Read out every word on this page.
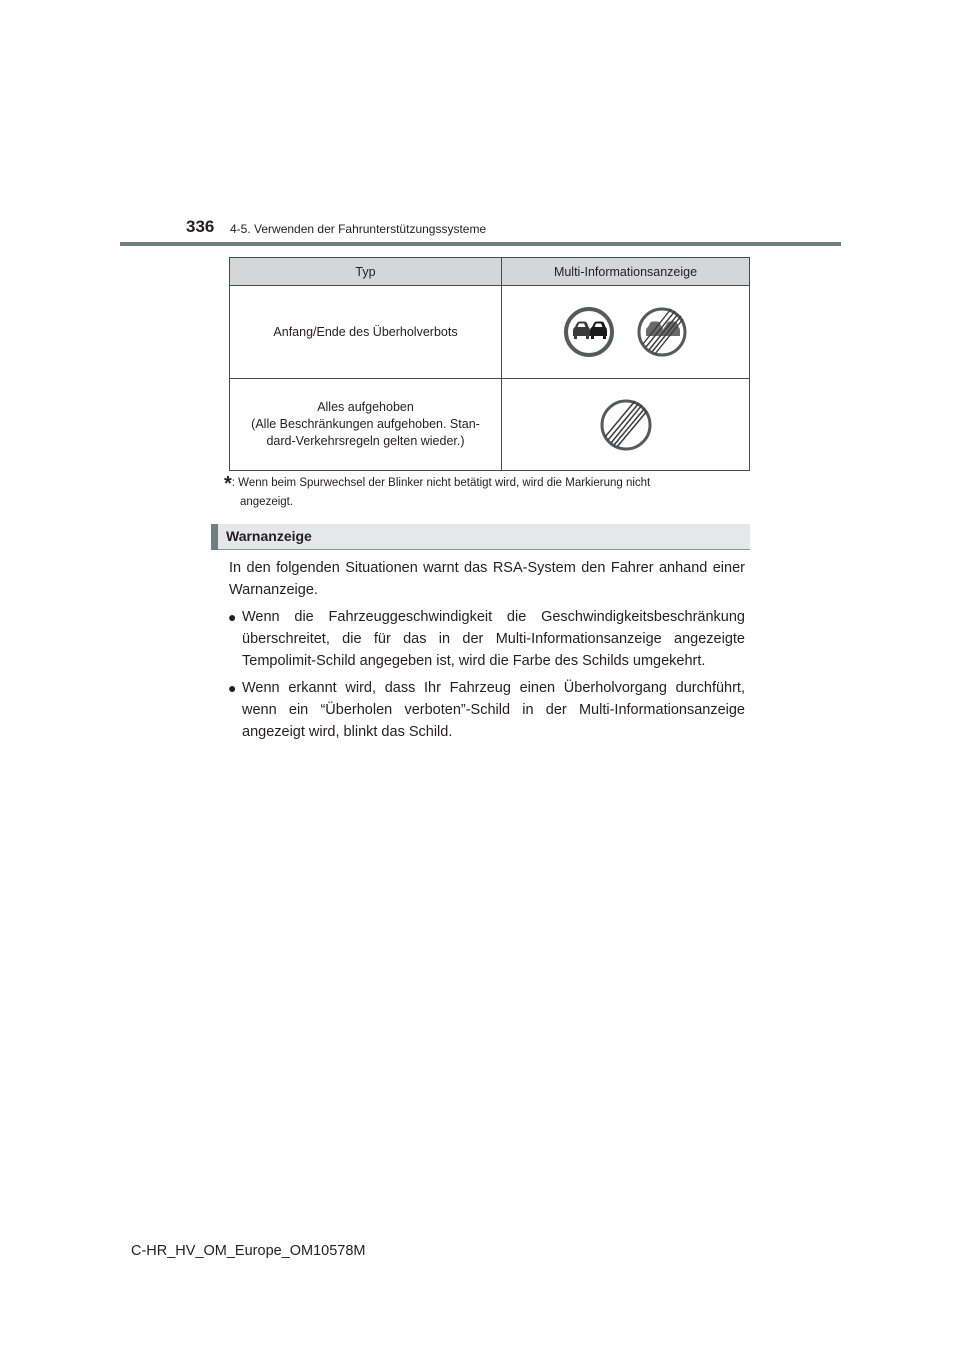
336 4-5. Verwenden der Fahrunterstützungssysteme
Typ	Multi-Informationsanzeige
Anfang/Ende des Überholverbots	

Alles aufgehoben
(Alle Beschränkungen aufgehoben. Stan-
dard-Verkehrsregeln gelten wieder.)

*: Wenn beim Spurwechsel der Blinker nicht betätigt wird, wird die Markierung nicht
angezeigt.
Warnanzeige

In den folgenden Situationen warnt das RSA-System den Fahrer anhand einer Warnanzeige.

● Wenn die Fahrzeuggeschwindigkeit die Geschwindigkeitsbeschränkung überschreitet, die für das in der Multi-Informationsanzeige angezeigte Tempolimit-Schild angegeben ist, wird die Farbe des Schilds umgekehrt.
● Wenn erkannt wird, dass Ihr Fahrzeug einen Überholvorgang durchführt, wenn ein “Überholen verboten”-Schild in der Multi-Informationsanzeige angezeigt wird, blinkt das Schild.
C-HR_HV_OM_Europe_OM10578M
